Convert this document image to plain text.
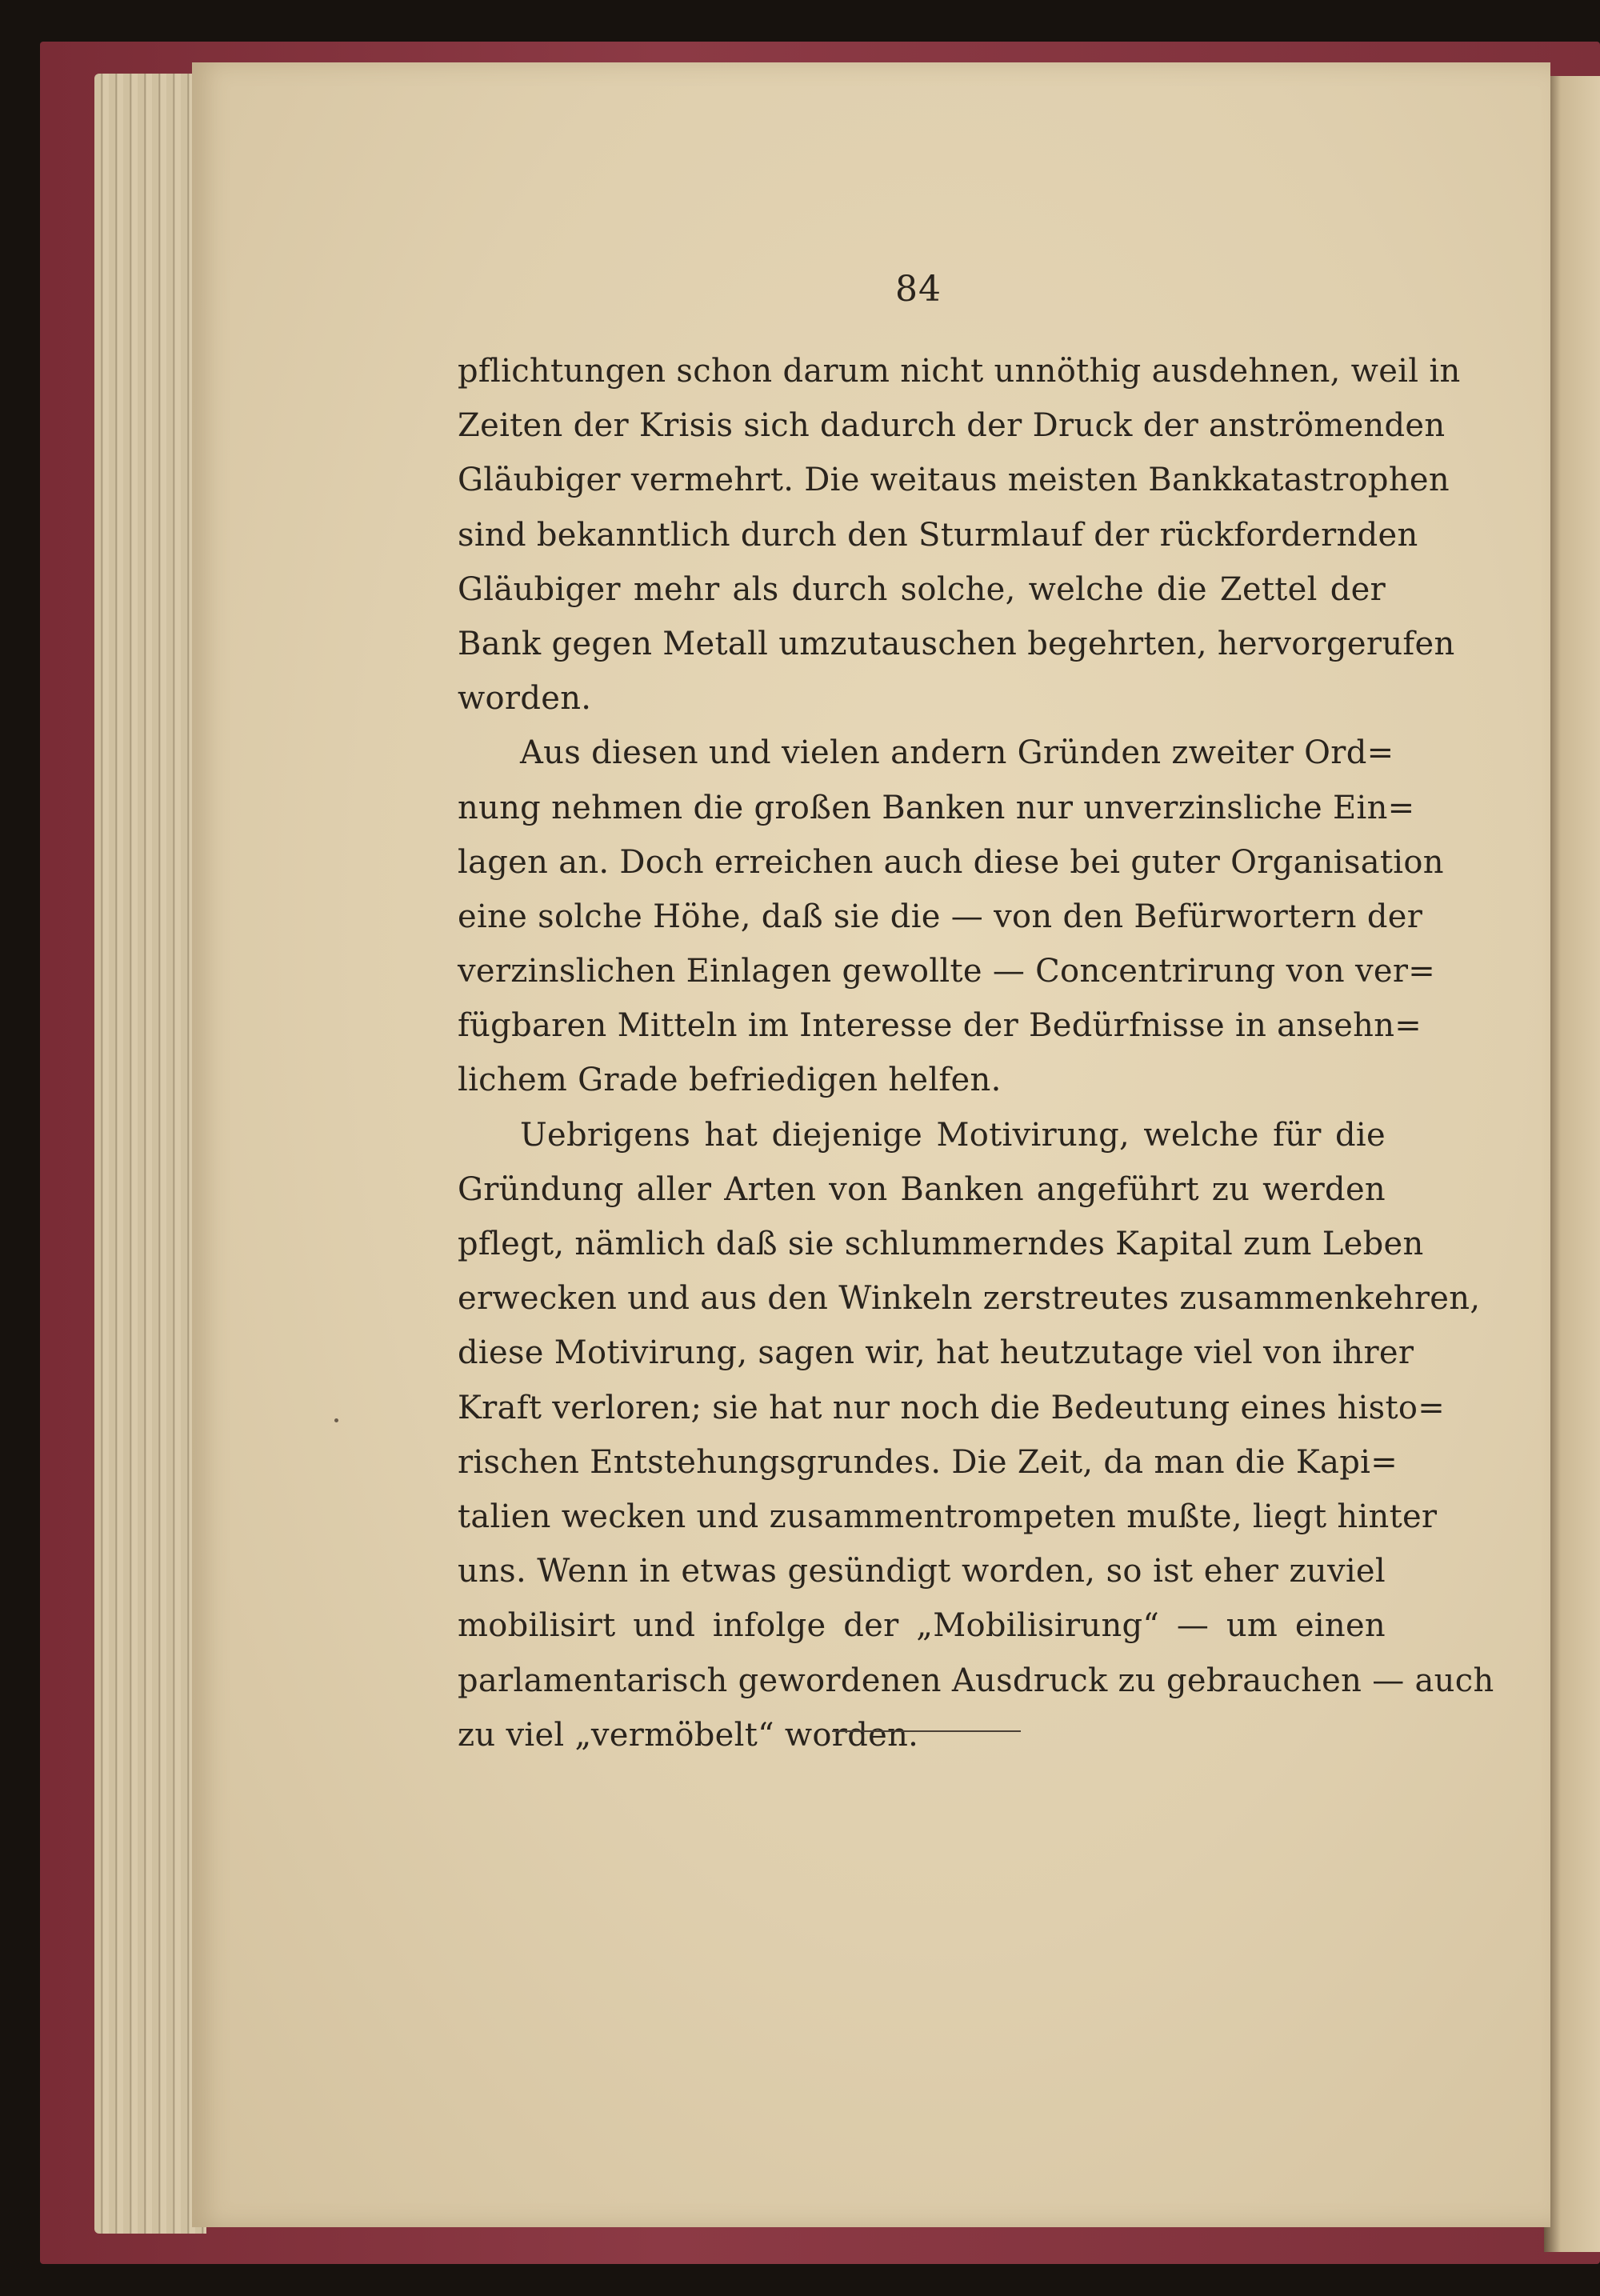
84
pflichtungen schon darum nicht unnöthig ausdehnen, weil in
Zeiten der Krisis sich dadurch der Druck der anströmenden
Gläubiger vermehrt. Die weitaus meisten Bankkatastrophen
sind bekanntlich durch den Sturmlauf der rückfordernden
Gläubiger mehr als durch solche, welche die Zettel der
Bank gegen Metall umzutauschen begehrten, hervorgerufen
worden.
Aus diesen und vielen andern Gründen zweiter Ord=
nung nehmen die großen Banken nur unverzinsliche Ein=
lagen an. Doch erreichen auch diese bei guter Organisation
eine solche Höhe, daß sie die — von den Befürwortern der
verzinslichen Einlagen gewollte — Concentrirung von ver=
fügbaren Mitteln im Interesse der Bedürfnisse in ansehn=
lichem Grade befriedigen helfen.
Uebrigens hat diejenige Motivirung, welche für die
Gründung aller Arten von Banken angeführt zu werden
pflegt, nämlich daß sie schlummerndes Kapital zum Leben
erwecken und aus den Winkeln zerstreutes zusammenkehren,
diese Motivirung, sagen wir, hat heutzutage viel von ihrer
Kraft verloren; sie hat nur noch die Bedeutung eines histo=
rischen Entstehungsgrundes. Die Zeit, da man die Kapi=
talien wecken und zusammentrompeten mußte, liegt hinter
uns. Wenn in etwas gesündigt worden, so ist eher zuviel
mobilisirt und infolge der „Mobilisirung“ — um einen
parlamentarisch gewordenen Ausdruck zu gebrauchen — auch
zu viel „vermöbelt“ worden.
